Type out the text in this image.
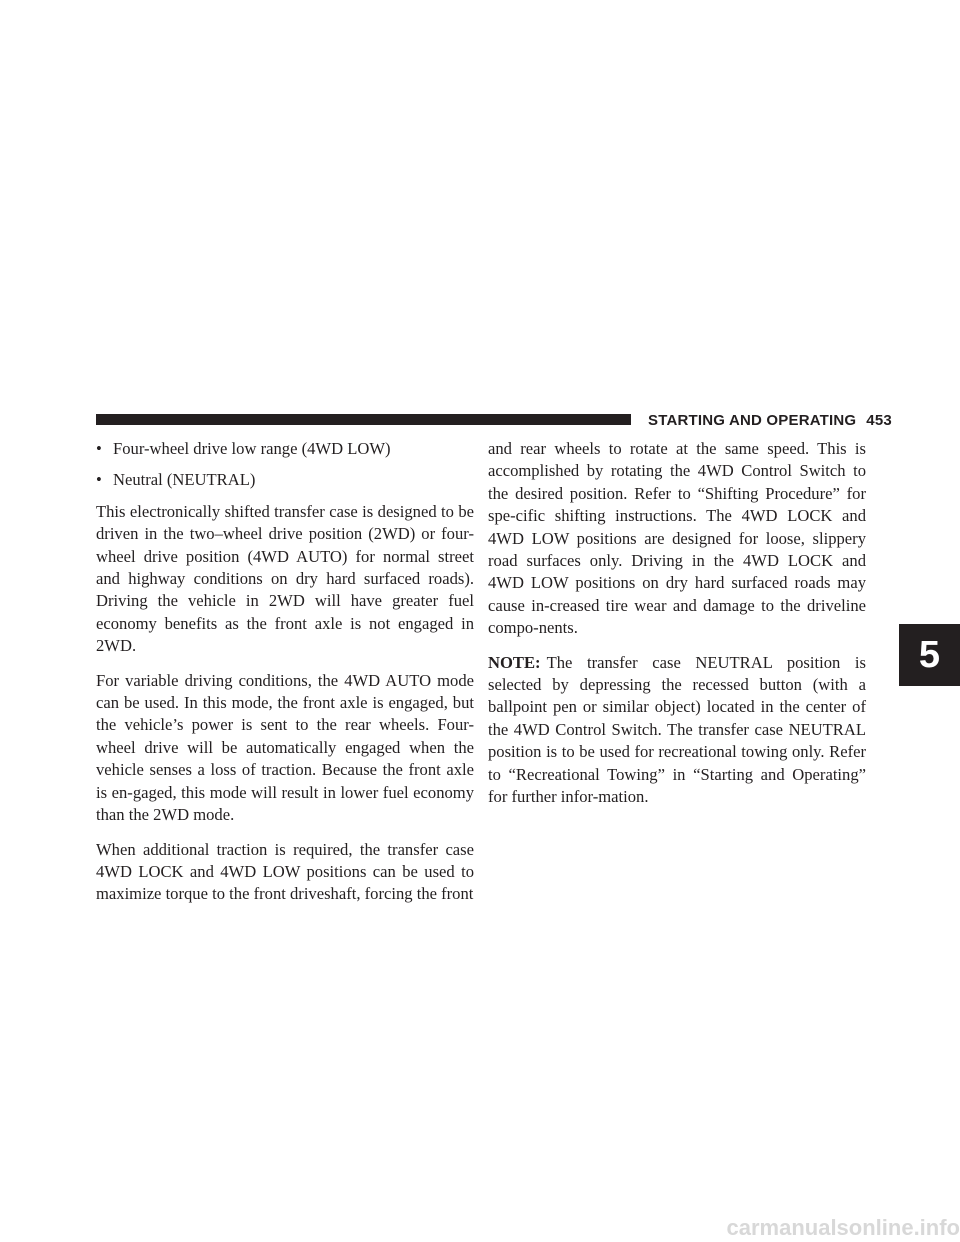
STARTING AND OPERATING 453
5
• Four-wheel drive low range (4WD LOW)
• Neutral (NEUTRAL)

This electronically shifted transfer case is designed to be driven in the two–wheel drive position (2WD) or four-wheel drive position (4WD AUTO) for normal street and highway conditions on dry hard surfaced roads). Driving the vehicle in 2WD will have greater fuel economy benefits as the front axle is not engaged in 2WD.

For variable driving conditions, the 4WD AUTO mode can be used. In this mode, the front axle is engaged, but the vehicle’s power is sent to the rear wheels. Four-wheel drive will be automatically engaged when the vehicle senses a loss of traction. Because the front axle is en-gaged, this mode will result in lower fuel economy than the 2WD mode.

When additional traction is required, the transfer case 4WD LOCK and 4WD LOW positions can be used to maximize torque to the front driveshaft, forcing the front

and rear wheels to rotate at the same speed. This is accomplished by rotating the 4WD Control Switch to the desired position. Refer to “Shifting Procedure” for spe-cific shifting instructions. The 4WD LOCK and 4WD LOW positions are designed for loose, slippery road surfaces only. Driving in the 4WD LOCK and 4WD LOW positions on dry hard surfaced roads may cause in-creased tire wear and damage to the driveline compo-nents.

NOTE: The transfer case NEUTRAL position is selected by depressing the recessed button (with a ballpoint pen or similar object) located in the center of the 4WD Control Switch. The transfer case NEUTRAL position is to be used for recreational towing only. Refer to “Recreational Towing” in “Starting and Operating” for further infor-mation.

carmanualsonline.info
